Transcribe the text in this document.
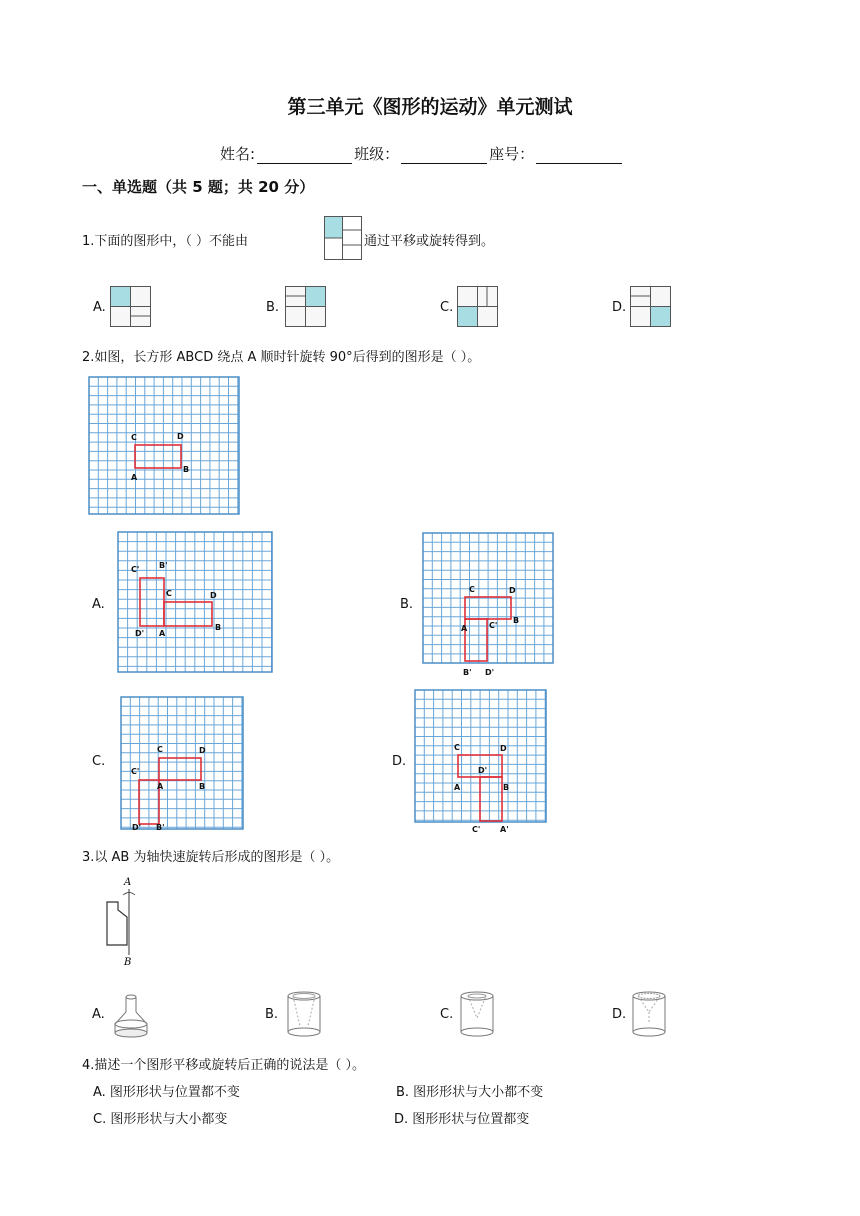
第三单元《图形的运动》单元测试
姓名:	班级：	座号：
一、单选题（共 5 题；共 20 分）
1.下面的图形中，（ ）不能由	通过平移或旋转得到。
A.	B.	C.	D.
2.如图，长方形 ABCD 绕点 A 顺时针旋转 90°后得到的图形是（ ）。
C	D
B
A
A.
C' B'
C	D
B
D' A
B.
C	D
B
A	C'
B' D'
C.
C	D
C'
A	B
D' B'
D.
C	D
D'
A	B
C' A'
3.以 AB 为轴快速旋转后形成的图形是（ ）。
A
B
A.	B.	C.	D.
4.描述一个图形平移或旋转后正确的说法是（ ）。
A. 图形形状与位置都不变	B. 图形形状与大小都不变
C. 图形形状与大小都变	D. 图形形状与位置都变
